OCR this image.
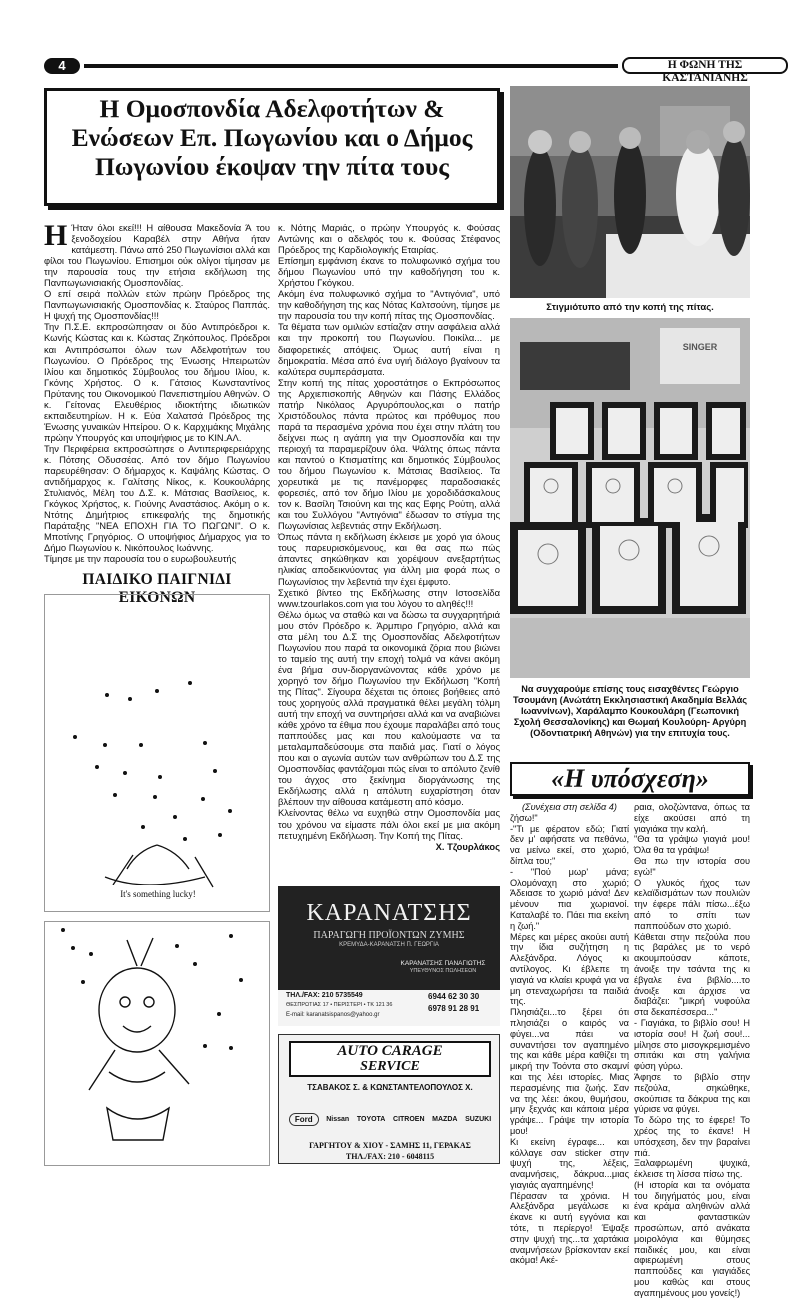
4	Η ΦΩΝΗ ΤΗΣ ΚΑΣΤΑΝΙΑΝΗΣ
Η Ομοσπονδία Αδελφοτήτων & Ενώσεων Επ. Πωγωνίου και ο Δήμος Πωγωνίου έκοψαν την πίτα τους

Η Ήταν όλοι εκεί!!! Η αίθουσα Μακεδονία Ά του ξενοδοχείου Καραβέλ στην Αθήνα ήταν κατάμεστη. Πάνω από 250 Πωγωνίσιοι αλλά και φίλοι του Πωγωνίου. Επισημοι ούκ ολίγοι τίμησαν με την παρουσία τους την ετήσια εκδήλωση της Πανπωγωνισιακής Ομοσπονδίας.

Ο επί σειρά πολλών ετών πρώην Πρόεδρος της Πανπωγωνισιακής Ομοσπονδίας κ. Σταύρος Παππάς. Η ψυχή της Ομοσπονδίας!!!

Την Π.Σ.Ε. εκπροσώπησαν οι δύο Αντιπρόεδροι κ. Κωνής Κώστας και κ. Κώστας Ζηκόπουλος. Πρόεδροι και Αντιπρόσωποι όλων των Αδελφοτήτων του Πωγωνίου. Ο Πρόεδρος της Ένωσης Ηπειρωτών Ιλίου και δημοτικός Σύμβουλος του δήμου Ιλίου, κ. Γκόνης Χρήστος. Ο κ. Γάτσιος Κωνσταντίνος Πρύτανης του Οικονομικού Πανεπιστημίου Αθηνών. Ο κ. Γείτονας Ελευθέριος ιδιοκτήτης ιδιωτικών εκπαιδευτηρίων. Η κ. Εύα Χαλατσά Πρόεδρος της Ένωσης γυναικών Ηπείρου. Ο κ. Καρχιμάκης Μιχάλης πρώην Υπουργός και υποψήφιος με το ΚΙΝ.ΑΛ.

Την Περιφέρεια εκπροσώπησε ο Αντιπεριφερειάρχης κ. Πότσης Οδυσσέας. Από τον δήμο Πωγωνίου παρευρέθησαν: Ο δήμαρχος κ. Καψάλης Κώστας. Ο αντιδήμαρχος κ. Γαλίτσης Νίκος, κ. Κουκουλάρης Στυλιανός, Μέλη του Δ.Σ. κ. Μάτσιας Βασίλειος, κ. Γκόγκος Χρήστος, κ. Γιούνης Αναστάσιος. Ακόμη ο κ. Ντότης Δημήτριος επικεφαλής της δημοτικής Παράταξης "ΝΕΑ ΕΠΟΧΗ ΓΙΑ ΤΟ ΠΩΓΩΝΙ". Ο κ. Μποτίνης Γρηγόριος. Ο υποψήφιος Δήμαρχος για το Δήμο Πωγωνίου κ. Νικόπουλος Ιωάννης.

Τίμησε με την παρουσία του ο ευρωβουλευτής

κ. Νότης Μαριάς, ο πρώην Υπουργός κ. Φούσας Αντώνης και ο αδελφός του κ. Φούσας Στέφανος Πρόεδρος της Καρδιολογικής Εταιρίας.

Επίσημη εμφάνιση έκανε το πολυφωνικό σχήμα του δήμου Πωγωνίου υπό την καθοδήγηση του κ. Χρήστου Γκόγκου.

Ακόμη ένα πολυφωνικό σχήμα το "Αντιγόνια", υπό την καθοδήγηση της κας Νότας Καλτσούνη, τίμησε με την παρουσία του την κοπή πίτας της Ομοσπονδίας.

Τα θέματα των ομιλιών εστίαζαν στην ασφάλεια αλλά και την προκοπή του Πωγωνίου. Ποικίλα... με διαφορετικές απόψεις. Όμως αυτή είναι η δημοκρατία. Μέσα από ένα υγιή διάλογο βγαίνουν τα καλύτερα συμπεράσματα.

Στην κοπή της πίτας χοροστάτησε ο Εκπρόσωπος της Αρχιεπισκοπής Αθηνών και Πάσης Ελλάδος πατήρ Νικόλαος Αργυρόπουλος,και ο πατήρ Χριστόδουλος πάντα πρώτος και πρόθυμος που παρά τα περασμένα χρόνια που έχει στην πλάτη του δείχνει πως η αγάπη για την Ομοσπονδία και την περιοχή τα παραμερίζουν όλα. Ψάλτης όπως πάντα και παντού ο Κτισματίτης και δημοτικός Σύμβουλος του δήμου Πωγωνίου κ. Μάτσιας Βασίλειος. Τα χορευτικά με τις πανέμορφες παραδοσιακές φορεσιές, από τον δήμο Ιλίου με χοροδιδάσκαλους τον κ. Βασίλη Τσιούνη και της κας Εφης Ρούτη, αλλά και του Συλλόγου "Αντιγόνια" έδωσαν το στίγμα της Πωγωνίσιας λεβεντιάς στην Εκδήλωση.

Όπως πάντα η εκδήλωση έκλεισε με χορό για όλους τους παρευρισκόμενους, και θα σας πω πώς άπαντες σηκώθηκαν και χορέψουν ανεξαρτήτως ηλικίας αποδεικνύοντας για άλλη μια φορά πως ο Πωγωνίσιος την λεβεντιά την έχει έμφυτο.

Σχετικό βίντεο της Εκδήλωσης στην Ιστοσελίδα www.tzourlakos.com για του λόγου το αληθές!!!

Θέλω όμως να σταθώ και να δώσω τα συγχαρητήριά μου στόν Πρόεδρο κ. Άρμπιρο Γρηγόριο, αλλά και στα μέλη του Δ.Σ της Ομοσπονδίας Αδελφοτήτων Πωγωνίου που παρά τα οικονομικά ζόρια που βιώνει το ταμείο της αυτή την εποχή τολμά να κάνει ακόμη ένα βήμα συν-διοργανώνοντας κάθε χρόνο με χορηγό τον δήμο Πωγωνίου την Εκδήλωση "Κοπή της Πίτας". Σίγουρα δέχεται τις όποιες βοήθειες από τους χορηγούς αλλά πραγματικά θέλει μεγάλη τόλμη αυτή την εποχή να συντηρήσει αλλά και να αναβιώνει κάθε χρόνο τα έθιμα που έχουμε παραλάβει από τους παππούδες μας και που καλούμαστε να τα μεταλαμπαδεύσουμε στα παιδιά μας. Γιατί ο λόγος που και ο αγωνία αυτών των ανθρώπων του Δ.Σ της Ομοσπονδίας φαντάζομαι πώς είναι το απόλυτο ζενίθ του άγχος στο ξεκίνημα διοργάνωσης της Εκδήλωσης αλλά η απόλυτη ευχαρίστηση όταν βλέπουν την αίθουσα κατάμεστη από κόσμο.

Κλείνοντας θέλω να ευχηθώ στην Ομοσπονδία μας του χρόνου να είμαστε πάλι όλοι εκεί με μια ακόμη πετυχημένη Εκδήλωση. Την Κοπή της Πίτας.

Χ. Τζουρλάκος

ΠΑΙΔΙΚΟ ΠΑΙΓΝΙΔΙ ΕΙΚΟΝΩΝ
It's something lucky!
Στιγμιότυπο από την κοπή της πίτας.
SINGER
Να συγχαρούμε επίσης τους εισαχθέντες Γεώργιο Τσουμάνη (Ανώτάτη Εκκλησιαστική Ακαδημία Βελλάς Ιωαννίνων), Χαράλαμπο Κουκουλάρη (Γεωπονική Σχολή Θεσσαλονίκης) και Θωμαή Κουλούρη- Αργύρη (Οδοντιατρική Αθηνών) για την επιτυχία τους.
ΚΑΡΑΝΑΤΣΗΣ
ΠΑΡΑΓΩΓΗ ΠΡΟΪΟΝΤΩΝ ΖΥΜΗΣ
ΚΡΕΜΥΔΑ-ΚΑΡΑΝΑΤΣΗ Π. ΓΕΩΡΓΙΑ
ΚΑΡΑΝΑΤΣΗΣ ΠΑΝΑΓΙΩΤΗΣ
ΥΠΕΥΘΥΝΟΣ ΠΩΛΗΣΕΩΝ
ΤΗΛ./FAX: 210 5735549
ΘΕΣΠΡΩΤΙΑΣ 17 • ΠΕΡΙΣΤΕΡΙ • ΤΚ 121 36
E-mail: karanatsispanos@yahoo.gr
6944 62 30 30
6978 91 28 91
AUTO CARAGE
SERVICE
ΤΣΑΒΑΚΟΣ Σ. & ΚΩΝΣΤΑΝΤΕΛΟΠΟΥΛΟΣ Χ.
Ford	Nissan TOYOTA CITROEN MAZDA SUZUKI
ΓΑΡΓΗΤΟΥ & ΧΙΟΥ - ΣΑΜΗΣ 11, ΓΕΡΑΚΑΣ
ΤΗΛ./FAX: 210 - 6048115
«Η υπόσχεση»
(Συνέχεια στη σελίδα 4)

ζήσω!"

-"Τι με φέρατον εδώ; Γιατί δεν μ' αφήσατε να πεθάνω, να μείνω εκεί, στο χωριό, δίπλα του;"

- "Πού μωρ' μάνα; Ολομόναχη στο χωριό; Άδειασε το χωριό μάνα! Δεν μένουν πια χωριανοί. Καταλαβέ το. Πάει πια εκείνη η ζωή."

Μέρες και μέρες ακούει αυτή την ίδια συζήτηση η Αλεξάνδρα. Λόγος κι αντίλογος. Κι έβλεπε τη γιαγιά να κλαίει κρυφά για να μη στεναχωρήσει τα παιδιά της.

Πλησιάζει...το ξέρει ότι πλησιάζει ο καιρός να φύγει...να πάει να συναντήσει τον αγαπημένο της και κάθε μέρα καθίζει τη μικρή την Τοόντα στο σκαμνί και της λέει ιστορίες. Μιας περασμένης πια ζωής. Σαν να της λέει: άκου, θυμήσου, μην ξεχνάς και κάποια μέρα γράψε... Γράψε την ιστορία μου!

Κι εκείνη έγραφε... και κόλλαγε σαν sticker στην ψυχή της, λέξεις, αναμνήσεις, δάκρυα...μιας γιαγιάς αγαπημένης!

Πέρασαν τα χρόνια. Η Αλεξάνδρα μεγάλωσε κι έκανε κι αυτή εγγόνια και τότε, τι περίεργο! Έψαξε στην ψυχή της...τα χαρτάκια αναμνήσεων βρίσκονταν εκεί ακόμα! Ακέ-

ραια, ολοζώντανα, όπως τα είχε ακούσει από τη γιαγιάκα την καλή.

"Θα τα γράψω γιαγιά μου! Όλα θα τα γράψω!

Θα πω την ιστορία σου εγώ!"

Ο γλυκός ήχος των κελαϊδισμάτων των πουλιών την έφερε πάλι πίσω...έξω από το σπίτι των παππούδων στο χωριό.

Κάθεται στην πεζούλα που τις βαράλες με το νερό ακουμπούσαν κάποτε, άνοιξε την τσάντα της κι έβγαλε ένα βιβλίο....το άνοιξε και άρχισε να διαβάζει: "μικρή νυφούλα στα δεκαπέσσερα..."

- Γιαγιάκα, το βιβλίο σου! Η ιστορία σου! Η ζωή σου!... μίλησε στο μισογκρεμισμένο σπιτάκι και στη γαλήνια φύση γύρω.

Άφησε το βιβλίο στην πεζούλα, σηκώθηκε, σκούπισε τα δάκρυα της και γύρισε να φύγει.

Το δώρο της το έφερε! Το χρέος της το έκανε! Η υπόσχεση, δεν την βαραίνει πιά.

Ξαλαφρωμένη ψυχικά, έκλεισε τη λίσσα πίσω της.

(Η ιστορία και τα ονόματα του διηγήματός μου, είναι ένα κράμα αληθινών αλλά και φανταστικών προσώπων, από ανάκατα μοιρολόγια και θύμησες παιδικές μου, και είναι αφιερωμένη στους παππούδες και γιαγιάδες μου καθώς και στους αγαπημένους μου γονείς!)
